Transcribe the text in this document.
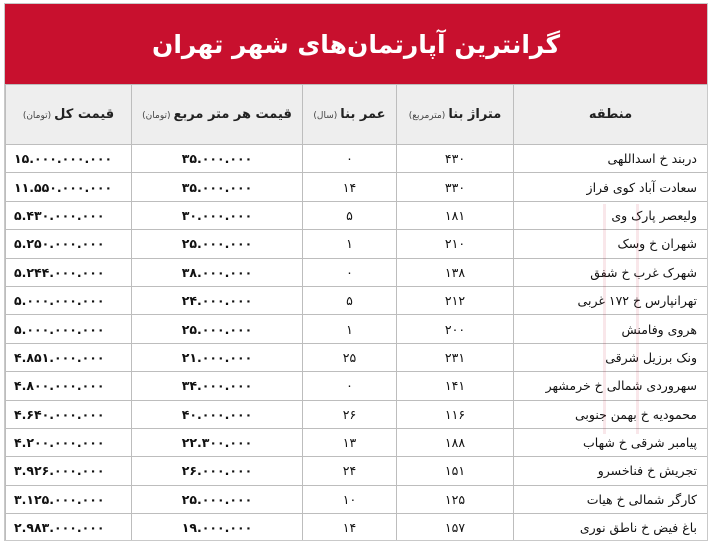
گرانترین آپارتمان‌های شهر تهران
منطقه	متراژ بنا(مترمربع)	عمر بنا(سال)	قیمت هر متر مربع(تومان)	قیمت کل(تومان)
دربند خ اسداللهی	۴۳۰	۰	۳۵.۰۰۰.۰۰۰	۱۵.۰۰۰.۰۰۰.۰۰۰
سعادت آباد کوی فراز	۳۳۰	۱۴	۳۵.۰۰۰.۰۰۰	۱۱.۵۵۰.۰۰۰.۰۰۰
ولیعصر پارک وی	۱۸۱	۵	۳۰.۰۰۰.۰۰۰	۵.۴۳۰.۰۰۰.۰۰۰
شهران خ وسک	۲۱۰	۱	۲۵.۰۰۰.۰۰۰	۵.۲۵۰.۰۰۰.۰۰۰
شهرک غرب خ شفق	۱۳۸	۰	۳۸.۰۰۰.۰۰۰	۵.۲۴۴.۰۰۰.۰۰۰
تهرانپارس خ ۱۷۲ غربی	۲۱۲	۵	۲۴.۰۰۰.۰۰۰	۵.۰۰۰.۰۰۰.۰۰۰
هروی وفامنش	۲۰۰	۱	۲۵.۰۰۰.۰۰۰	۵.۰۰۰.۰۰۰.۰۰۰
ونک برزیل شرقی	۲۳۱	۲۵	۲۱.۰۰۰.۰۰۰	۴.۸۵۱.۰۰۰.۰۰۰
سهروردی شمالی خ خرمشهر	۱۴۱	۰	۳۴.۰۰۰.۰۰۰	۴.۸۰۰.۰۰۰.۰۰۰
محمودیه خ بهمن جنوبی	۱۱۶	۲۶	۴۰.۰۰۰.۰۰۰	۴.۶۴۰.۰۰۰.۰۰۰
پیامبر شرقی خ شهاب	۱۸۸	۱۳	۲۲.۳۰۰.۰۰۰	۴.۲۰۰.۰۰۰.۰۰۰
تجریش خ فناخسرو	۱۵۱	۲۴	۲۶.۰۰۰.۰۰۰	۳.۹۲۶.۰۰۰.۰۰۰
کارگر شمالی خ هیات	۱۲۵	۱۰	۲۵.۰۰۰.۰۰۰	۳.۱۲۵.۰۰۰.۰۰۰
باغ فیض خ ناطق نوری	۱۵۷	۱۴	۱۹.۰۰۰.۰۰۰	۲.۹۸۳.۰۰۰.۰۰۰
